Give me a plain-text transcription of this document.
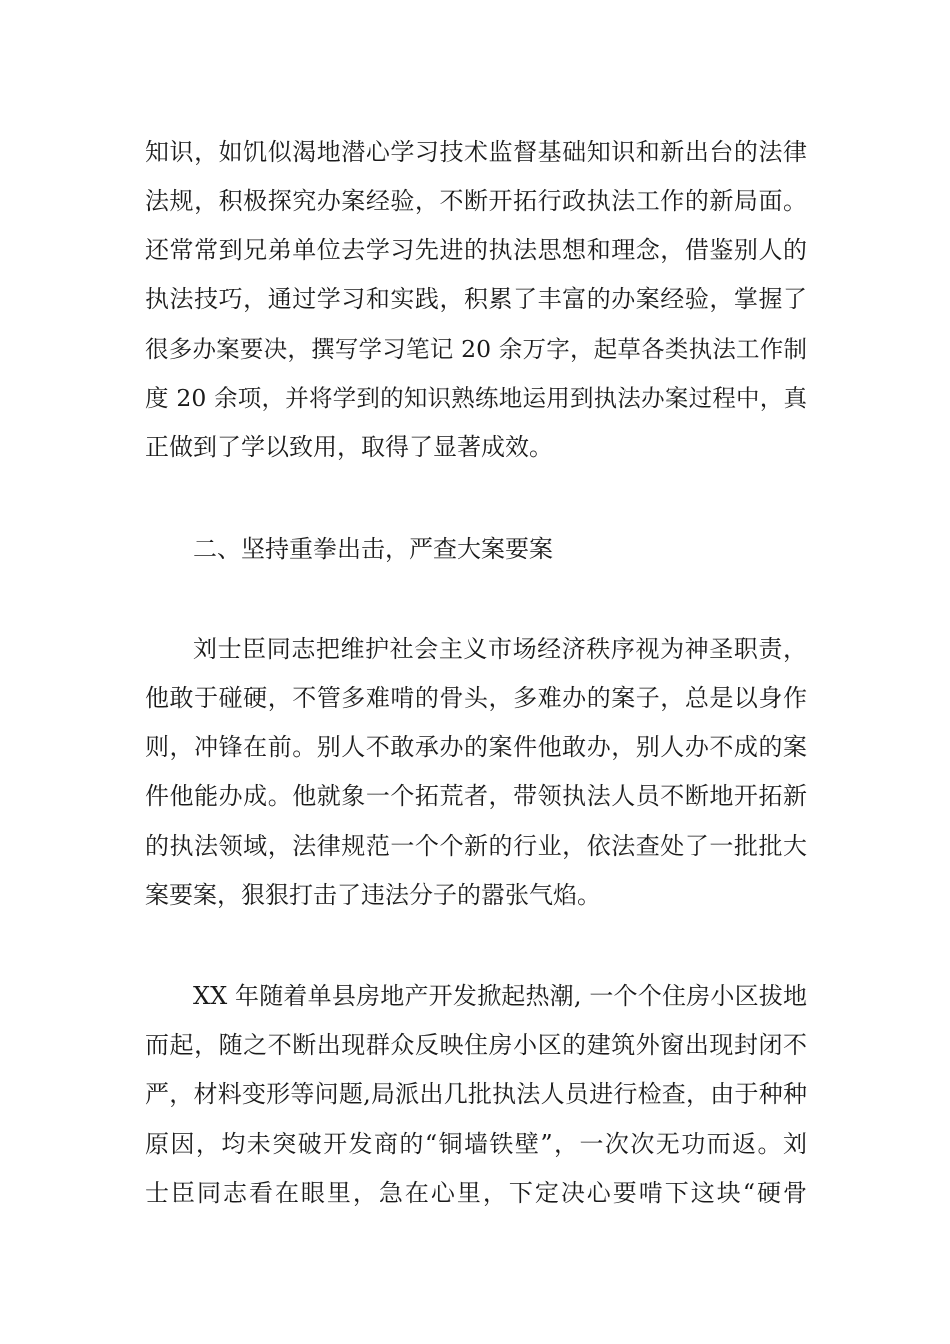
知识，如饥似渴地潜心学习技术监督基础知识和新出台的法律
法规，积极探究办案经验，不断开拓行政执法工作的新局面。
还常常到兄弟单位去学习先进的执法思想和理念，借鉴别人的
执法技巧，通过学习和实践，积累了丰富的办案经验，掌握了
很多办案要决，撰写学习笔记 20 余万字，起草各类执法工作制
度 20 余项，并将学到的知识熟练地运用到执法办案过程中，真
正做到了学以致用，取得了显著成效。
二、坚持重拳出击，严查大案要案
刘士臣同志把维护社会主义市场经济秩序视为神圣职责，
他敢于碰硬，不管多难啃的骨头，多难办的案子，总是以身作
则，冲锋在前。别人不敢承办的案件他敢办，别人办不成的案
件他能办成。他就象一个拓荒者，带领执法人员不断地开拓新
的执法领域，法律规范一个个新的行业，依法查处了一批批大
案要案，狠狠打击了违法分子的嚣张气焰。
XX 年随着单县房地产开发掀起热潮, 一个个住房小区拔地
而起，随之不断出现群众反映住房小区的建筑外窗出现封闭不
严，材料变形等问题,局派出几批执法人员进行检查，由于种种
原因，均未突破开发商的“铜墙铁壁”，一次次无功而返。刘
士臣同志看在眼里，急在心里，下定决心要啃下这块“硬骨
